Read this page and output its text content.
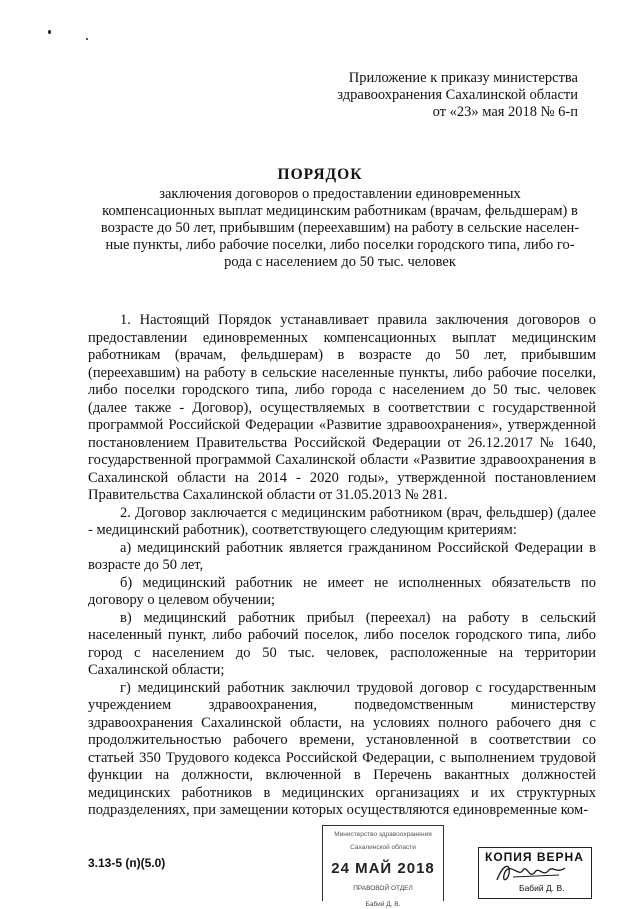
Приложение к приказу министерства
здравоохранения Сахалинской области
от «23» мая 2018 № 6-п
ПОРЯДОК
заключения договоров о предоставлении единовременных
компенсационных выплат медицинским работникам (врачам, фельдшерам) в
возрасте до 50 лет, прибывшим (переехавшим) на работу в сельские населен-
ные пункты, либо рабочие поселки, либо поселки городского типа, либо го-
рода с населением до 50 тыс. человек

1. Настоящий Порядок устанавливает правила заключения договоров о предоставлении единовременных компенсационных выплат медицинским работникам (врачам, фельдшерам) в возрасте до 50 лет, прибывшим (переехавшим) на работу в сельские населенные пункты, либо рабочие поселки, либо поселки городского типа, либо города с населением до 50 тыс. человек (далее также - Договор), осуществляемых в соответствии с государственной программой Российской Федерации «Развитие здравоохранения», утвержденной постановлением Правительства Российской Федерации от 26.12.2017 № 1640, государственной программой Сахалинской области «Развитие здравоохранения в Сахалинской области на 2014 - 2020 годы», утвержденной постановлением Правительства Сахалинской области от 31.05.2013 № 281.

2. Договор заключается с медицинским работником (врач, фельдшер) (далее - медицинский работник), соответствующего следующим критериям:

а) медицинский работник является гражданином Российской Федерации в возрасте до 50 лет,

б) медицинский работник не имеет не исполненных обязательств по договору о целевом обучении;

в) медицинский работник прибыл (переехал) на работу в сельский населенный пункт, либо рабочий поселок, либо поселок городского типа, либо город с населением до 50 тыс. человек, расположенные на территории Сахалинской области;

г) медицинский работник заключил трудовой договор с государственным учреждением здравоохранения, подведомственным министерству здравоохранения Сахалинской области, на условиях полного рабочего дня с продолжительностью рабочего времени, установленной в соответствии со статьей 350 Трудового кодекса Российской Федерации, с выполнением трудовой функции на должности, включенной в Перечень вакантных должностей медицинских работников в медицинских организациях и их структурных подразделениях, при замещении которых осуществляются единовременные ком-

3.13-5 (п)(5.0)
Министерство здравоохранения
Сахалинской области
24 МАЙ 2018
ПРАВОВОЙ ОТДЕЛ
Бабий Д. В.
КОПИЯ ВЕРНА
Бабий Д. В.
